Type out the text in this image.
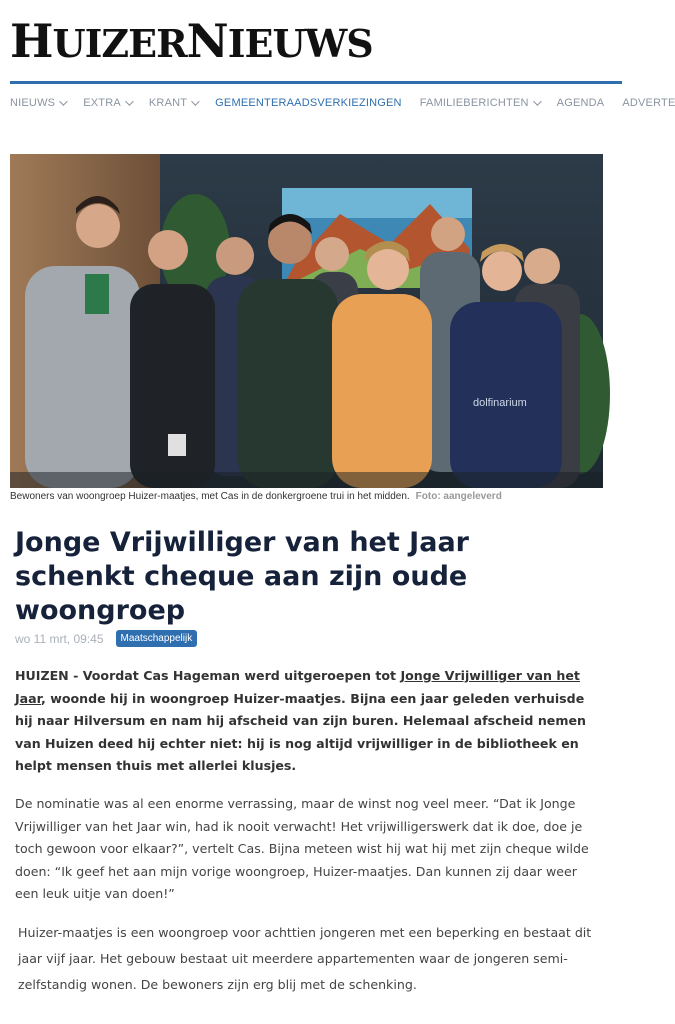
HUIZERNIEUWS
NIEUWS	EXTRA	KRANT	GEMEENTERAADSVERKIEZINGEN FAMILIEBERICHTEN	AGENDA ADVERTE
dolfinarium
Bewoners van woongroep Huizer-maatjes, met Cas in de donkergroene trui in het midden. Foto: aangeleverd
Jonge Vrijwilliger van het Jaar schenkt cheque aan zijn oude woongroep
wo 11 mrt, 09:45	Maatschappelijk

HUIZEN - Voordat Cas Hageman werd uitgeroepen tot Jonge Vrijwilliger van het Jaar, woonde hij in woongroep Huizer-maatjes. Bijna een jaar geleden verhuisde hij naar Hilversum en nam hij afscheid van zijn buren. Helemaal afscheid nemen van Huizen deed hij echter niet: hij is nog altijd vrijwilliger in de bibliotheek en helpt mensen thuis met allerlei klusjes.

De nominatie was al een enorme verrassing, maar de winst nog veel meer. “Dat ik Jonge Vrijwilliger van het Jaar win, had ik nooit verwacht! Het vrijwilligerswerk dat ik doe, doe je toch gewoon voor elkaar?”, vertelt Cas. Bijna meteen wist hij wat hij met zijn cheque wilde doen: “Ik geef het aan mijn vorige woongroep, Huizer-maatjes. Dan kunnen zij daar weer een leuk uitje van doen!”

Huizer-maatjes is een woongroep voor achttien jongeren met een beperking en bestaat dit jaar vijf jaar. Het gebouw bestaat uit meerdere appartementen waar de jongeren semi-zelfstandig wonen. De bewoners zijn erg blij met de schenking.
